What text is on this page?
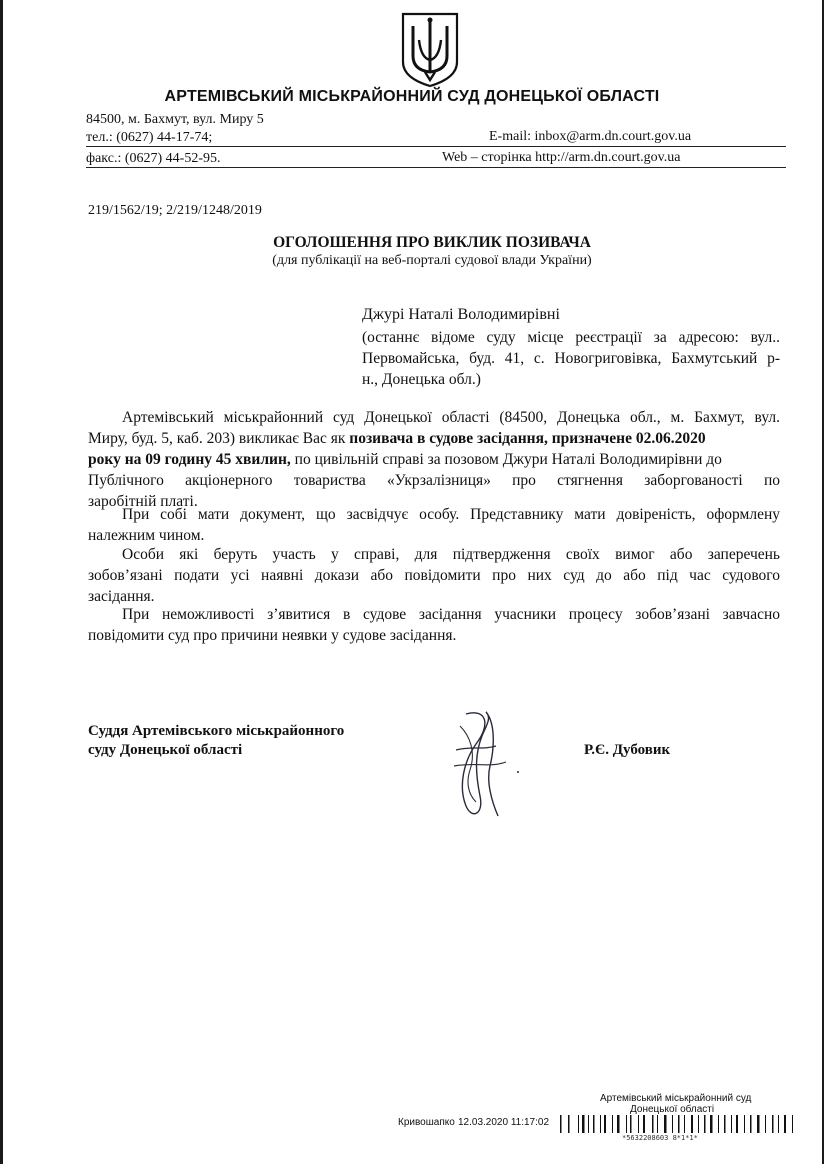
АРТЕМІВСЬКИЙ МІСЬКРАЙОННИЙ СУД ДОНЕЦЬКОЇ ОБЛАСТІ
84500, м. Бахмут, вул. Миру 5
тел.: (0627) 44-17-74;
факс.: (0627) 44-52-95.
E-mail: inbox@arm.dn.court.gov.ua
Web – сторінка http://arm.dn.court.gov.ua
219/1562/19; 2/219/1248/2019
ОГОЛОШЕННЯ ПРО ВИКЛИК ПОЗИВАЧА
(для публікації на веб-порталі судової влади України)
Джурі Наталі Володимирівні
(останнє відоме суду місце реєстрації за адресою: вул..
Первомайська, буд. 41, с. Новогриговівка, Бахмутський р-
н., Донецька обл.)
Артемівський міськрайонний суд Донецької області (84500, Донецька обл., м. Бахмут, вул.
Миру, буд. 5, каб. 203) викликає Вас як позивача в судове засідання, призначене 02.06.2020
року на 09 годину 45 хвилин, по цивільній справі за позовом Джури Наталі Володимирівни до
Публічного акціонерного товариства «Укрзалізниця» про стягнення заборгованості по
заробітній платі.
При собі мати документ, що засвідчує особу. Представнику мати довіреність, оформлену
належним чином.
Особи які беруть участь у справі, для підтвердження своїх вимог або заперечень
зобов’язані подати усі наявні докази або повідомити про них суд до або під час судового
засідання.
При неможливості з’явитися в судове засідання учасники процесу зобов’язані завчасно
повідомити суд про причини неявки у судове засідання.
Суддя Артемівського міськрайонного
суду Донецької області	Р.Є. Дубовик
Артемівський міськрайонний суд
Донецької області
Кривошапко 12.03.2020 11:17:02
*5632208603 8*1*1*
